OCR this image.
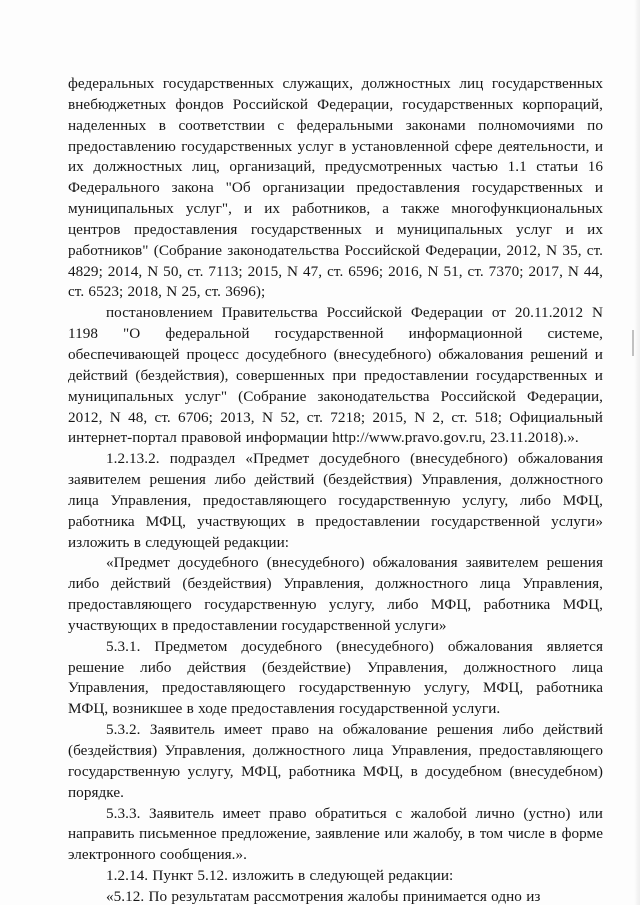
федеральных государственных служащих, должностных лиц государственных внебюджетных фондов Российской Федерации, государственных корпораций, наделенных в соответствии с федеральными законами полномочиями по предоставлению государственных услуг в установленной сфере деятельности, и их должностных лиц, организаций, предусмотренных частью 1.1 статьи 16 Федерального закона "Об организации предоставления государственных и муниципальных услуг", и их работников, а также многофункциональных центров предоставления государственных и муниципальных услуг и их работников" (Собрание законодательства Российской Федерации, 2012, N 35, ст. 4829; 2014, N 50, ст. 7113; 2015, N 47, ст. 6596; 2016, N 51, ст. 7370; 2017, N 44, ст. 6523; 2018, N 25, ст. 3696);

постановлением Правительства Российской Федерации от 20.11.2012 N 1198 "О федеральной государственной информационной системе, обеспечивающей процесс досудебного (внесудебного) обжалования решений и действий (бездействия), совершенных при предоставлении государственных и муниципальных услуг" (Собрание законодательства Российской Федерации, 2012, N 48, ст. 6706; 2013, N 52, ст. 7218; 2015, N 2, ст. 518; Официальный интернет-портал правовой информации http://www.pravo.gov.ru, 23.11.2018).».

1.2.13.2. подраздел «Предмет досудебного (внесудебного) обжалования заявителем решения либо действий (бездействия) Управления, должностного лица Управления, предоставляющего государственную услугу, либо МФЦ, работника МФЦ, участвующих в предоставлении государственной услуги» изложить в следующей редакции:

«Предмет досудебного (внесудебного) обжалования заявителем решения либо действий (бездействия) Управления, должностного лица Управления, предоставляющего государственную услугу, либо МФЦ, работника МФЦ, участвующих в предоставлении государственной услуги»

5.3.1. Предметом досудебного (внесудебного) обжалования является решение либо действия (бездействие) Управления, должностного лица Управления, предоставляющего государственную услугу, МФЦ, работника МФЦ, возникшее в ходе предоставления государственной услуги.

5.3.2. Заявитель имеет право на обжалование решения либо действий (бездействия) Управления, должностного лица Управления, предоставляющего государственную услугу, МФЦ, работника МФЦ, в досудебном (внесудебном) порядке.

5.3.3. Заявитель имеет право обратиться с жалобой лично (устно) или направить письменное предложение, заявление или жалобу, в том числе в форме электронного сообщения.».

1.2.14. Пункт 5.12. изложить в следующей редакции:

«5.12. По результатам рассмотрения жалобы принимается одно из
